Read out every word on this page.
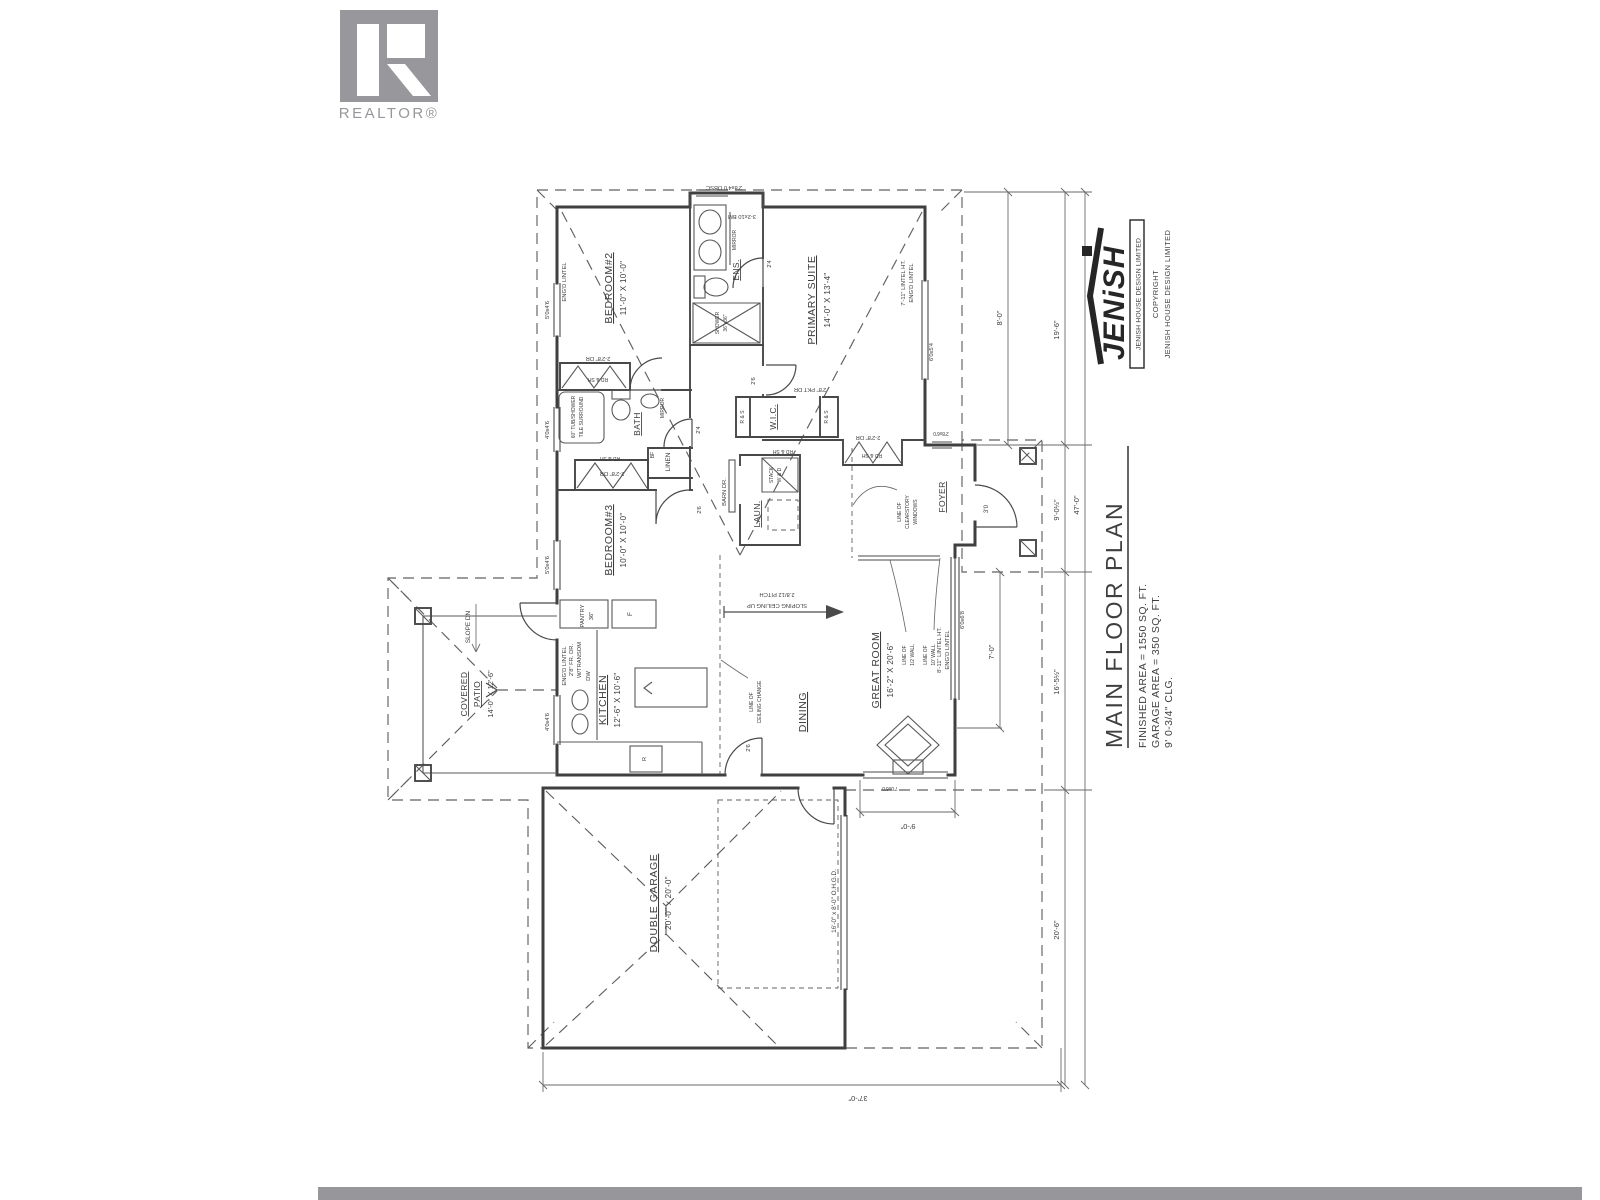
REALTOR®
BEDROOM#2 11'-0" X 10'-0"	ENS.	PRIMARY SUITE 14'-0" X 13'-4"
BATH
LINEN
BEDROOM#3 10'-0" X 10'-0"
W.I.C.
LAUN.
FOYER
KITCHEN 12'-6" X 10'-6"	DINING
GREAT ROOM 16'-2" X 20'-6"
COVERED PATIO 14'-0" X 12'-6"
DOUBLE GARAGE 20'-0" x 20'-0"
PANTRY 36"	F
DW
R
STACK W & D
60" TUB/SHOWER TILE SURROUND
SHOWER 36"x36"
MIRROR
MIRROR
BARN DR.
2'8" PKT DR
2-2'8" DR
2-2'8" DR
2-2'8" DR
RD & SH
RD & SH
RD & SH
RD & SH
R & S	R & S
BF
2'4
2'4
2'6
2'6
2'6
3'0
2'8" FR. DR. W/TRANSOM
16'-0" x 8'-0" O.H.G.D.
5'0x4'6
4'0x4'6
5'0x4'6
4'0x4'6
6'0x5'4
6'0x6'8
2'8x6'0
7'0x6'0
2'8x4'0 OBSC
3-2x10 BM
ENG'D LINTEL
ENG'D LINTEL
7'-11" LINTEL HT. ENG'D LINTEL
8'-11" LINTEL HT. ENG'D LINTEL
LINE OF CLEARSTORY WINDOWS
LINE OF 1/2 WALL LINE OF 10' WALL
LINE OF CEILING CHANGE
2.8/12 PITCH
SLOPING CEILING UP
SLOPE DN
8'-0"
19'-6"
9'-0½"
16'-5½"
20'-6"
47'-0"
7'-0"
9'-0"
37'-0"
JENiSH JENISH HOUSE DESIGN LIMITED COPYRIGHT JENISH HOUSE DESIGN LIMITED
MAIN FLOOR PLAN FINISHED AREA = 1550 SQ. FT. GARAGE AREA = 350 SQ. FT. 9' 0-3/4" CLG.
